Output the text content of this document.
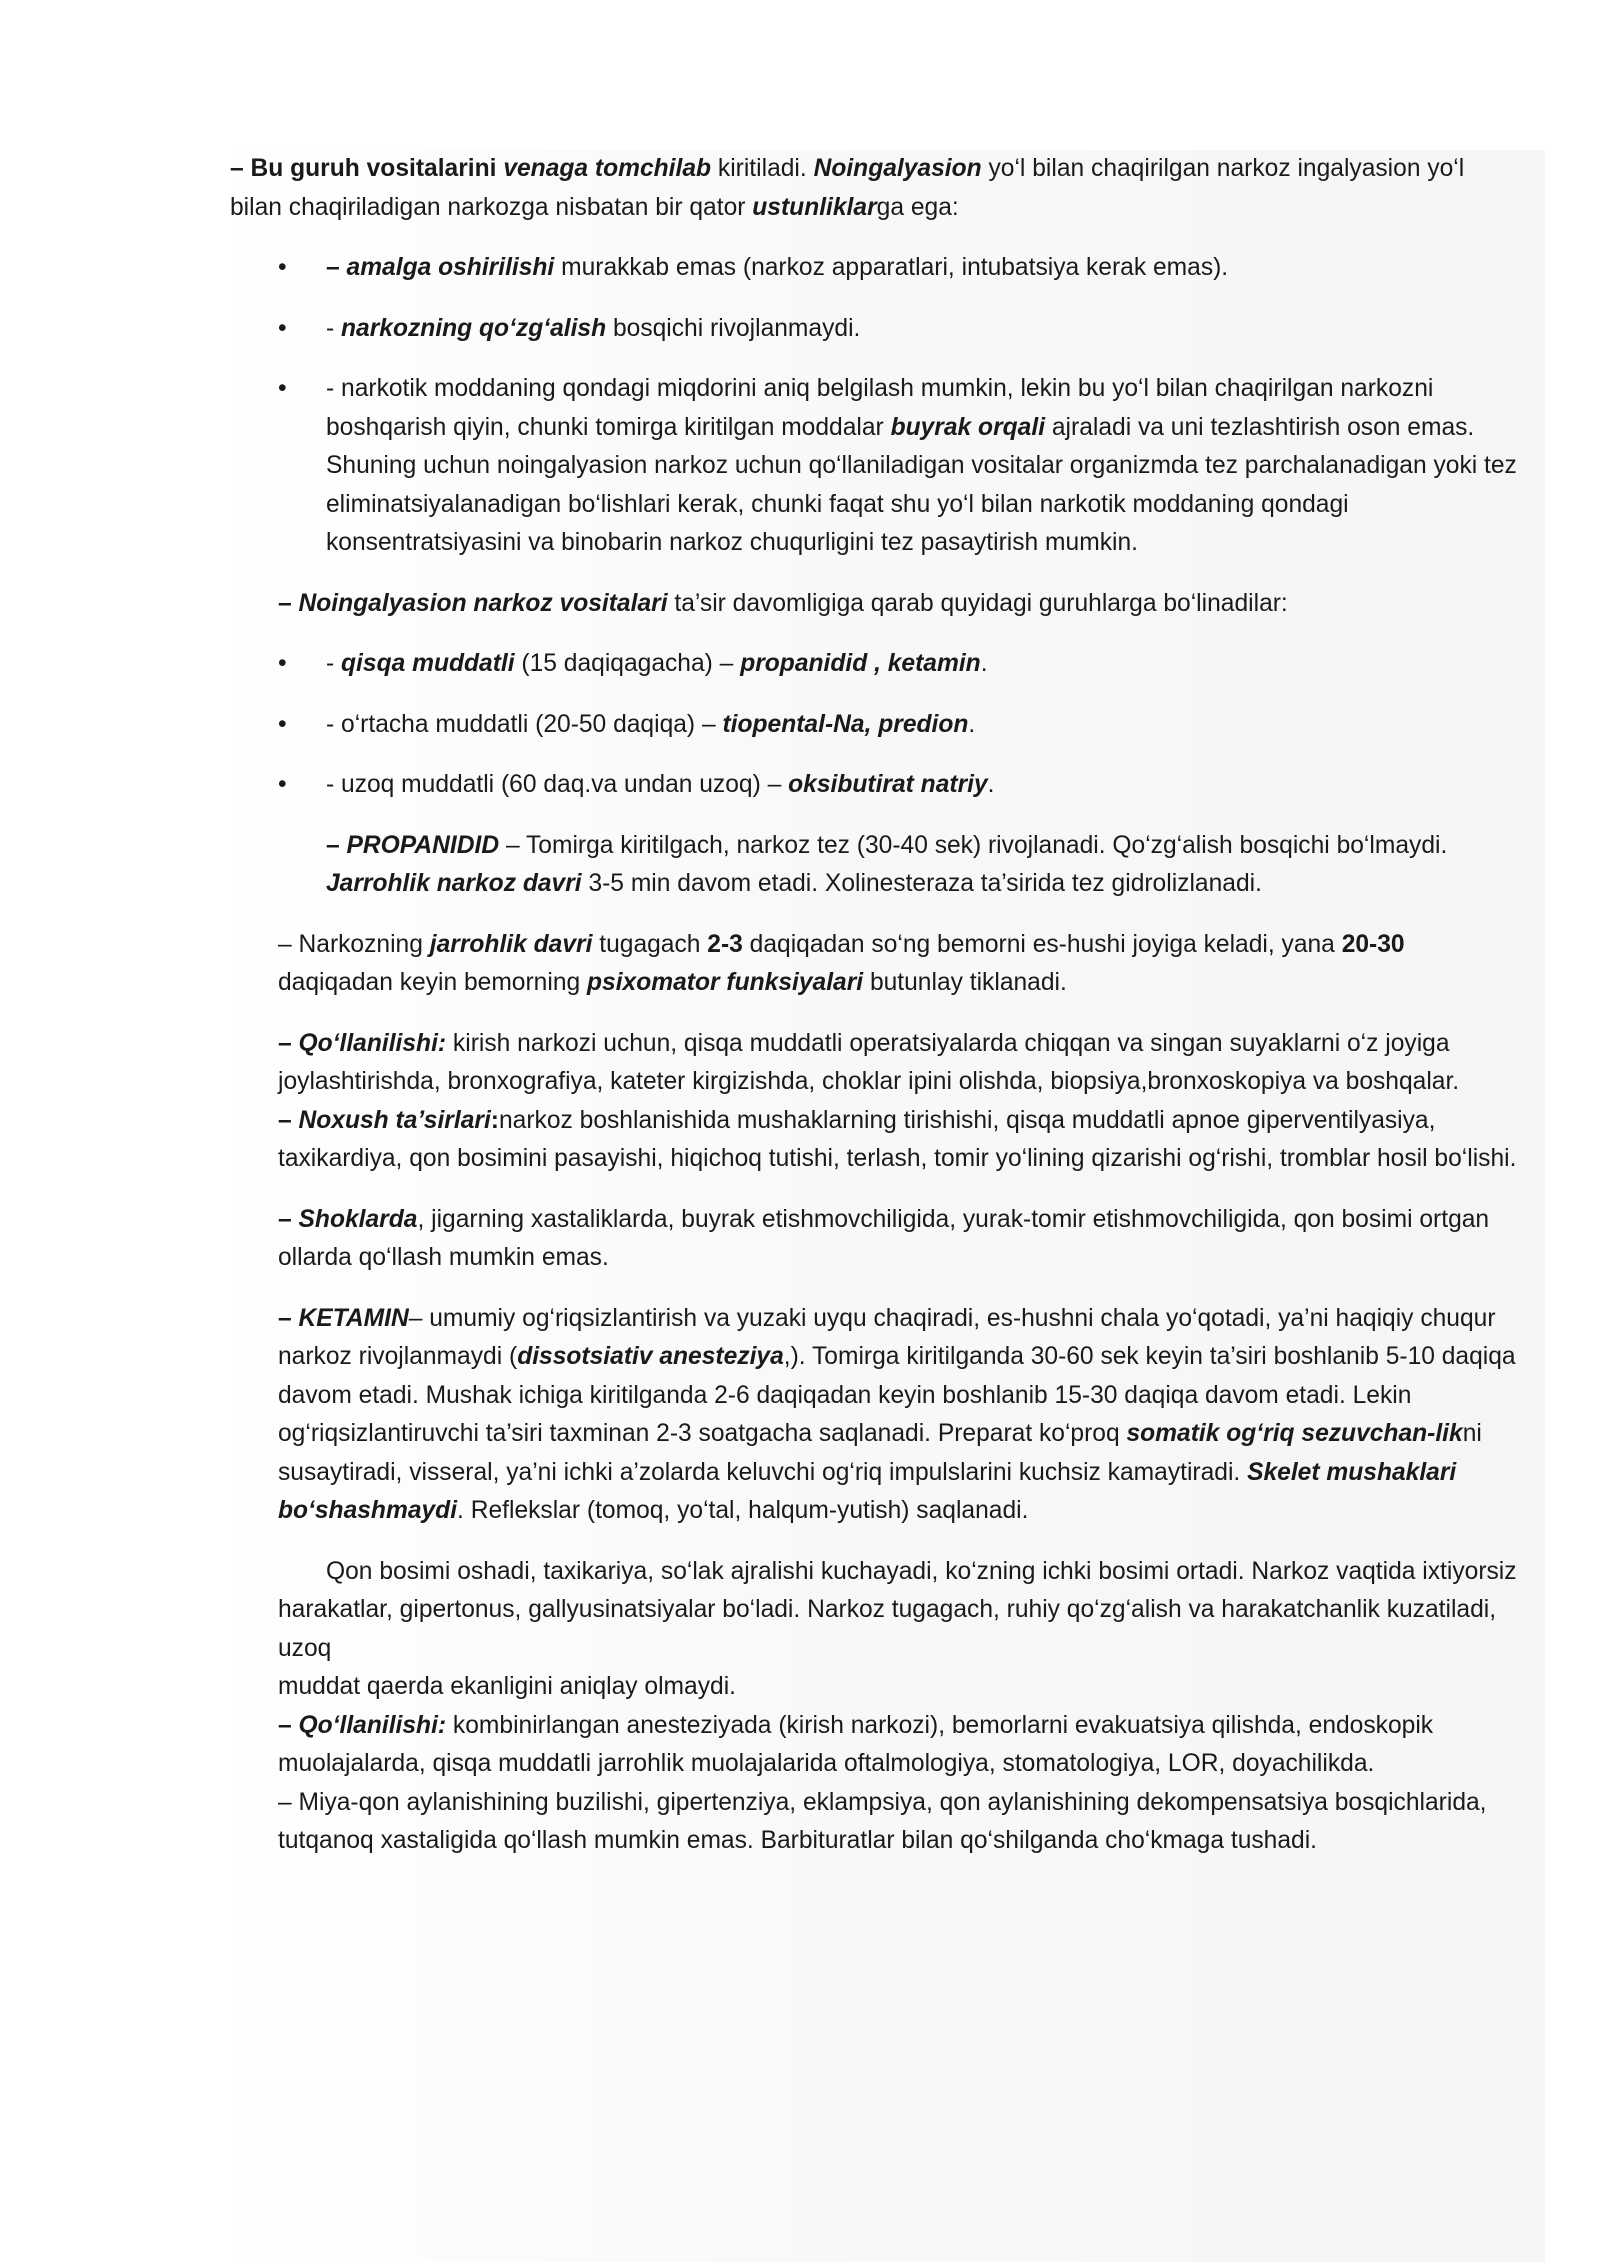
– Bu guruh vositalarini venaga tomchilab kiritiladi. Noingalyasion yo‘l bilan chaqirilgan narkoz ingalyasion yo‘l bilan chaqiriladigan narkozga nisbatan bir qator ustunliklarga ega:

• – amalga oshirilishi murakkab emas (narkoz apparatlari, intubatsiya kerak emas).

• - narkozning qo‘zg‘alish bosqichi rivojlanmaydi.

• - narkotik moddaning qondagi miqdorini aniq belgilash mumkin, lekin bu yo‘l bilan chaqirilgan narkozni boshqarish qiyin, chunki tomirga kiritilgan moddalar buyrak orqali ajraladi va uni tezlashtirish oson emas. Shuning uchun noingalyasion narkoz uchun qo‘llaniladigan vositalar organizmda tez parchalanadigan yoki tez eliminatsiyalanadigan bo‘lishlari kerak, chunki faqat shu yo‘l bilan narkotik moddaning qondagi konsentratsiyasini va binobarin narkoz chuqurligini tez pasaytirish mumkin.

– Noingalyasion narkoz vositalari ta’sir davomligiga qarab quyidagi guruhlarga bo‘linadilar:

• - qisqa muddatli (15 daqiqagacha) – propanidid , ketamin.

• - o‘rtacha muddatli (20-50 daqiqa) – tiopental-Na, predion.

• - uzoq muddatli (60 daq.va undan uzoq) – oksibutirat natriy.

– PROPANIDID – Tomirga kiritilgach, narkoz tez (30-40 sek) rivojlanadi. Qo‘zg‘alish bosqichi bo‘lmaydi. Jarrohlik narkoz davri 3-5 min davom etadi. Xolinesteraza ta’sirida tez gidrolizlanadi.

– Narkozning jarrohlik davri tugagach 2-3 daqiqadan so‘ng bemorni es-hushi joyiga keladi, yana 20-30 daqiqadan keyin bemorning psixomator funksiyalari butunlay tiklanadi.

– Qo‘llanilishi: kirish narkozi uchun, qisqa muddatli operatsiyalarda chiqqan va singan suyaklarni o‘z joyiga joylashtirishda, bronxografiya, kateter kirgizishda, choklar ipini olishda, biopsiya,bronxoskopiya va boshqalar.

– Noxush ta’sirlari:narkoz boshlanishida mushaklarning tirishishi, qisqa muddatli apnoe giperventilyasiya, taxikardiya, qon bosimini pasayishi, hiqichoq tutishi, terlash, tomir yo‘lining qizarishi og‘rishi, tromblar hosil bo‘lishi.

– Shoklarda, jigarning xastaliklarda, buyrak etishmovchiligida, yurak-tomir etishmovchiligida, qon bosimi ortgan ollarda qo‘llash mumkin emas.

– KETAMIN– umumiy og‘riqsizlantirish va yuzaki uyqu chaqiradi, es-hushni chala yo‘qotadi, ya’ni haqiqiy chuqur narkoz rivojlanmaydi (dissotsiativ anesteziya,). Tomirga kiritilganda 30-60 sek keyin ta’siri boshlanib 5-10 daqiqa davom etadi. Mushak ichiga kiritilganda 2-6 daqiqadan keyin boshlanib 15-30 daqiqa davom etadi. Lekin og‘riqsizlantiruvchi ta’siri taxminan 2-3 soatgacha saqlanadi. Preparat ko‘proq somatik og‘riq sezuvchan-likni susaytiradi, visseral, ya’ni ichki a’zolarda keluvchi og‘riq impulslarini kuchsiz kamaytiradi. Skelet mushaklari bo‘shashmaydi. Reflekslar (tomoq, yo‘tal, halqum-yutish) saqlanadi.

Qon bosimi oshadi, taxikariya, so‘lak ajralishi kuchayadi, ko‘zning ichki bosimi ortadi. Narkoz vaqtida ixtiyorsiz harakatlar, gipertonus, gallyusinatsiyalar bo‘ladi. Narkoz tugagach, ruhiy qo‘zg‘alish va harakatchanlik kuzatiladi, uzoq

muddat qaerda ekanligini aniqlay olmaydi.

– Qo‘llanilishi: kombinirlangan anesteziyada (kirish narkozi), bemorlarni evakuatsiya qilishda, endoskopik muolajalarda, qisqa muddatli jarrohlik muolajalarida oftalmologiya, stomatologiya, LOR, doyachilikda.

– Miya-qon aylanishining buzilishi, gipertenziya, eklampsiya, qon aylanishining dekompensatsiya bosqichlarida, tutqanoq xastaligida qo‘llash mumkin emas. Barbituratlar bilan qo‘shilganda cho‘kmaga tushadi.
